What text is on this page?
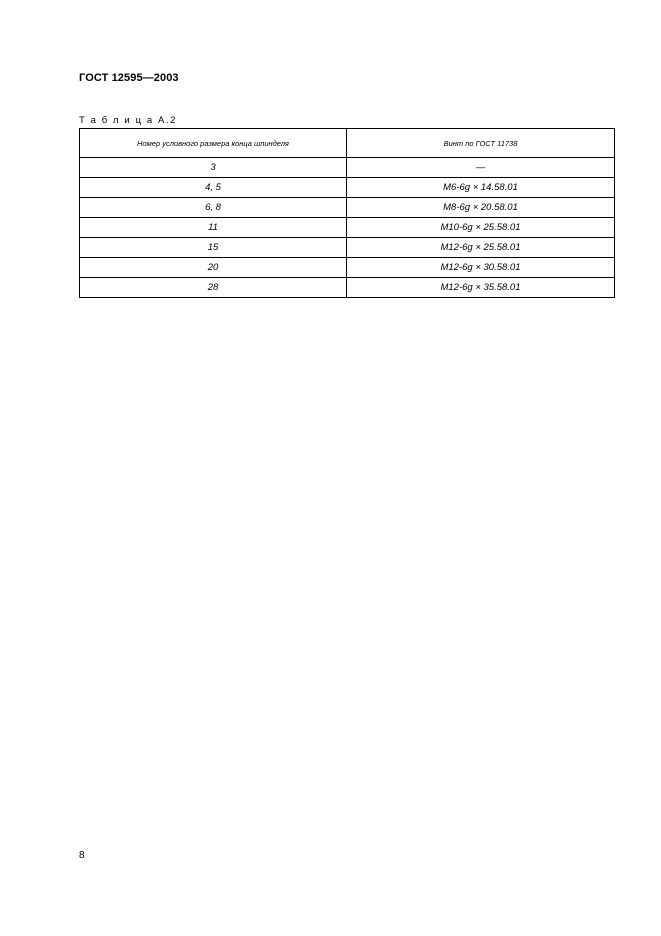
ГОСТ 12595—2003
Т а б л и ц а А.2
Номер условного размера конца шпинделя	Винт по ГОСТ 11738
3	—
4, 5	M6-6g × 14.58.01
6, 8	M8-6g × 20.58.01
11	M10-6g × 25.58.01
15	M12-6g × 25.58.01
20	M12-6g × 30.58.01
28	M12-6g × 35.58.01
8
